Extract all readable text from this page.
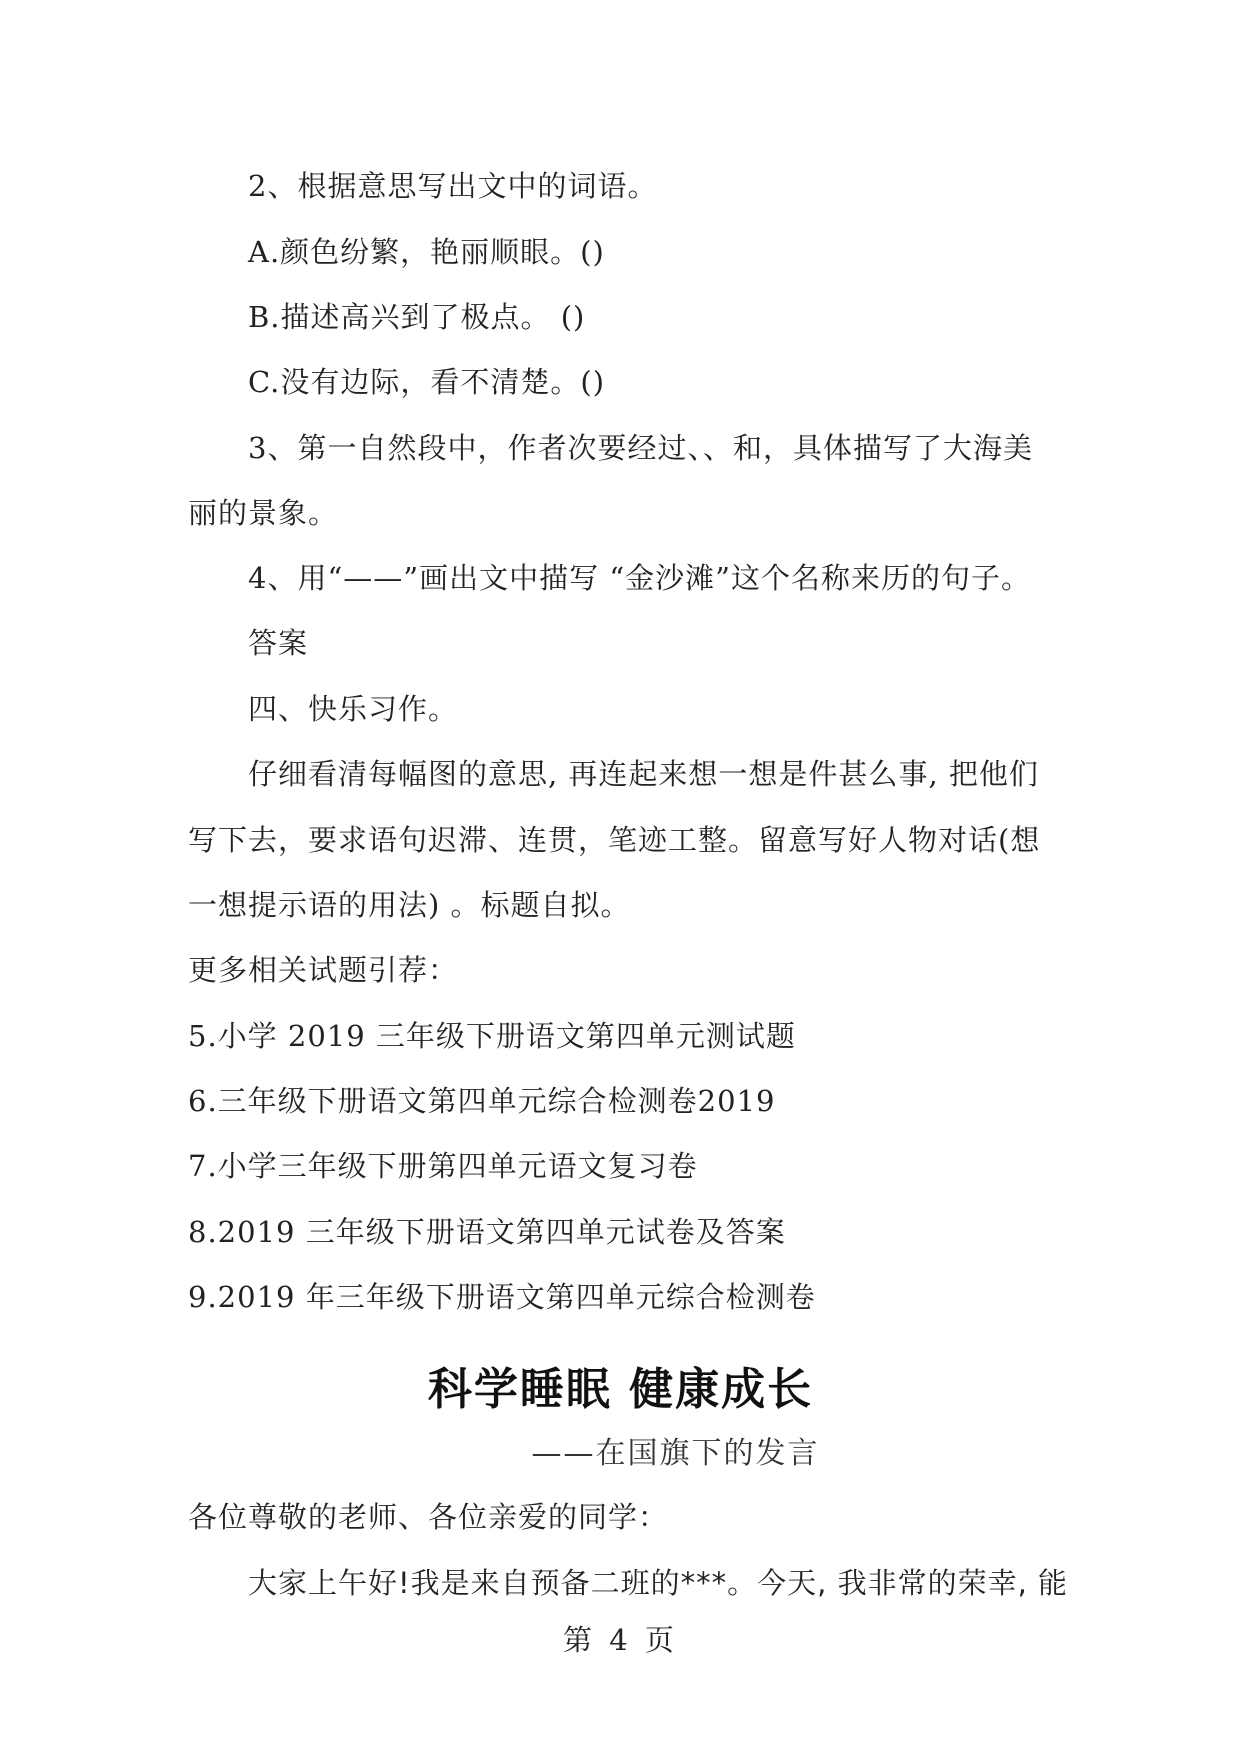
2、根据意思写出文中的词语。
A.颜色纷繁，艳丽顺眼。()
B.描述高兴到了极点。 ()
C.没有边际，看不清楚。()
3、第一自然段中，作者次要经过、、和，具体描写了大海美
丽的景象。
4、用“——”画出文中描写 “金沙滩”这个名称来历的句子。
答案
四、快乐习作。
仔细看清每幅图的意思, 再连起来想一想是件甚么事, 把他们
写下去，要求语句迟滞、连贯，笔迹工整。留意写好人物对话(想
一想提示语的用法) 。标题自拟。
更多相关试题引荐：
5.小学 2019 三年级下册语文第四单元测试题
6.三年级下册语文第四单元综合检测卷2019
7.小学三年级下册第四单元语文复习卷
8.2019 三年级下册语文第四单元试卷及答案
9.2019 年三年级下册语文第四单元综合检测卷
科学睡眠 健康成长
——在国旗下的发言
各位尊敬的老师、各位亲爱的同学：
大家上午好!我是来自预备二班的***。今天, 我非常的荣幸, 能
第 4 页
